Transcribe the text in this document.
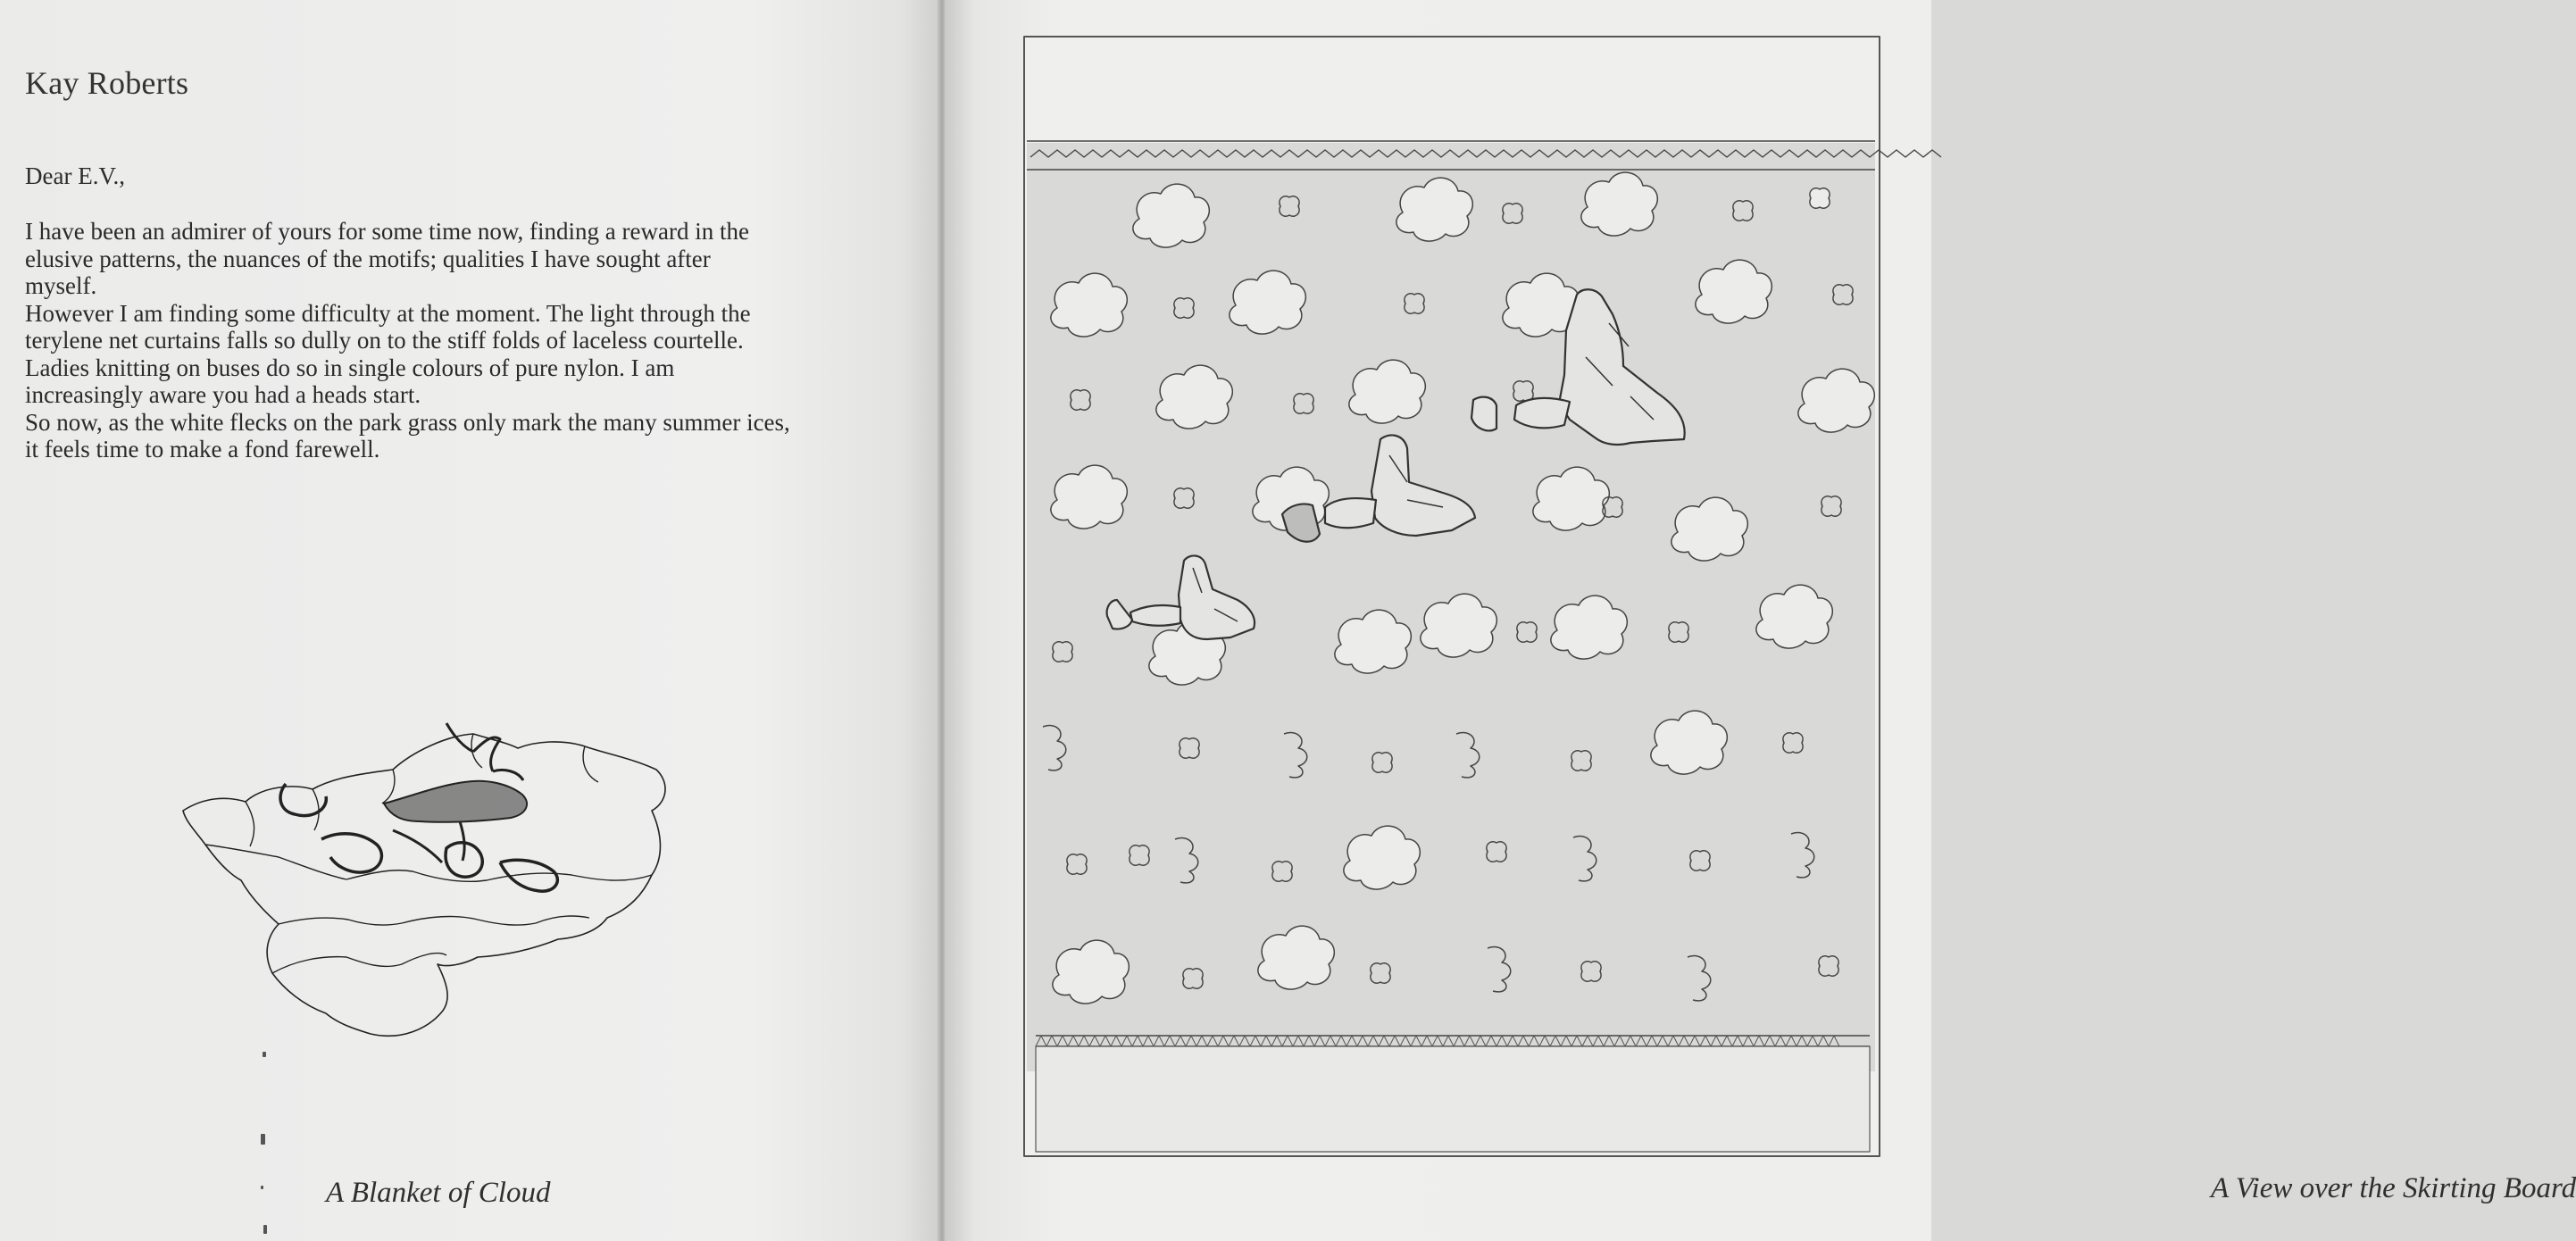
Kay Roberts
Dear E.V.,
I have been an admirer of yours for some time now, finding a reward in the
elusive patterns, the nuances of the motifs; qualities I have sought after
myself.
However I am finding some difficulty at the moment. The light through the
terylene net curtains falls so dully on to the stiff folds of laceless courtelle.
Ladies knitting on buses do so in single colours of pure nylon. I am
increasingly aware you had a heads start.
So now, as the white flecks on the park grass only mark the many summer ices,
it feels time to make a fond farewell.
A Blanket of Cloud	A View over the Skirting Board
